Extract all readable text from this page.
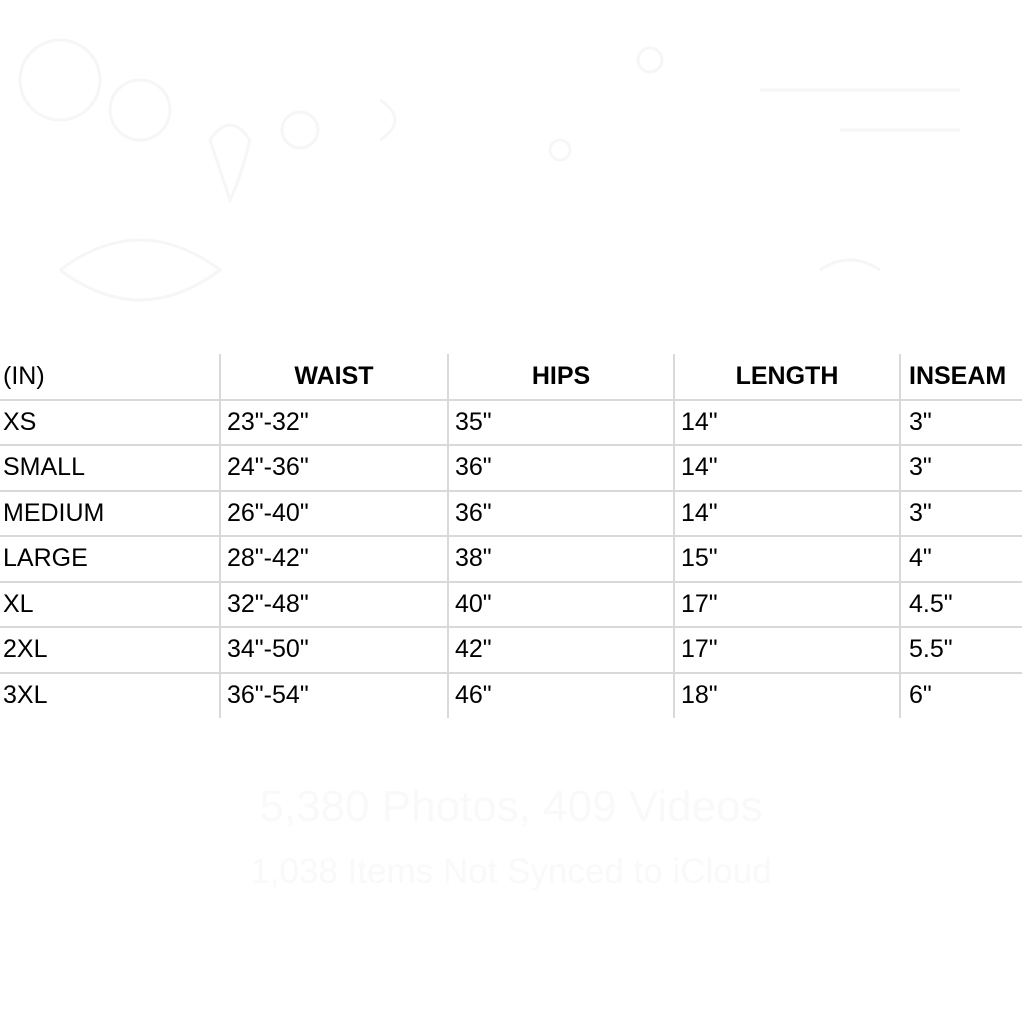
5,380 Photos, 409 Videos
1,038 Items Not Synced to iCloud
(IN)	WAIST	HIPS	LENGTH	INSEAM
XS	23"-32"	35"	14"	3"
SMALL	24"-36"	36"	14"	3"
MEDIUM	26"-40"	36"	14"	3"
LARGE	28"-42"	38"	15"	4"
XL	32"-48"	40"	17"	4.5"
2XL	34"-50"	42"	17"	5.5"
3XL	36"-54"	46"	18"	6"
